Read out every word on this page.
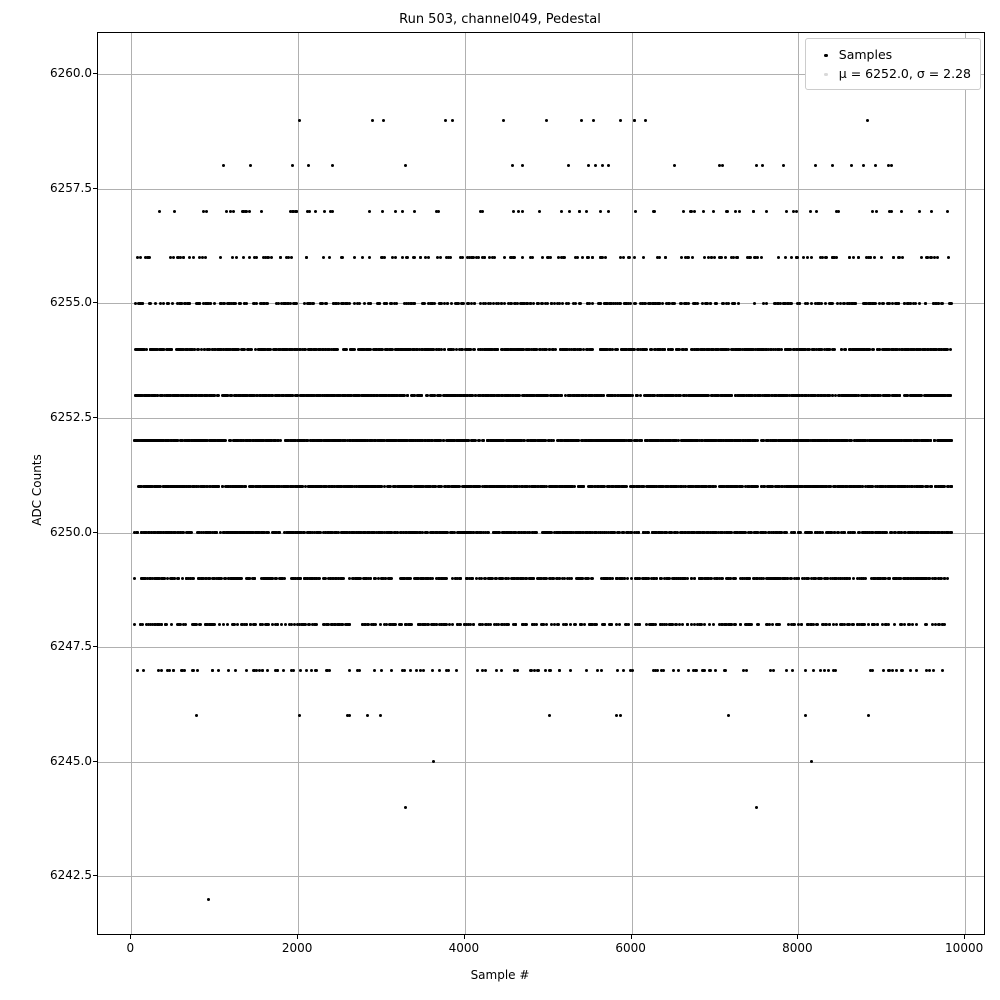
Run 503, channel049, Pedestal
6242.5
6245.0
6247.5
6250.0
6252.5
6255.0
6257.5
6260.0
0	2000	4000	6000	8000	10000
Sample #
ADC Counts
Samples
μ = 6252.0, σ = 2.28
